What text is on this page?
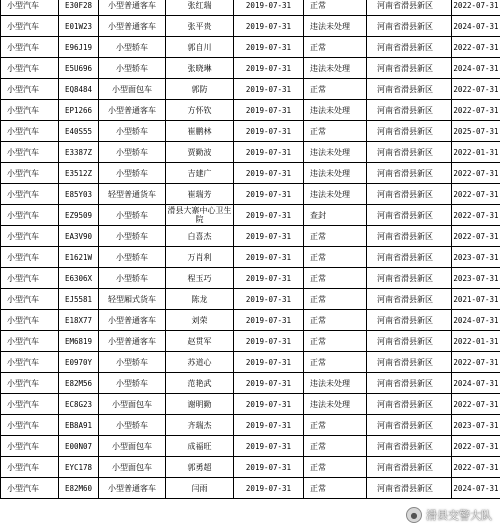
小型汽车	E30F28	小型普通客车	张红瑞	2019-07-31	正常	河南省滑县新区	2022-07-31
小型汽车	E01W23	小型普通客车	张平贵	2019-07-31	违法未处理	河南省滑县新区	2024-07-31
小型汽车	E96J19	小型轿车	郭自川	2019-07-31	正常	河南省滑县新区	2022-07-31
小型汽车	E5U696	小型轿车	张晓琳	2019-07-31	违法未处理	河南省滑县新区	2024-07-31
小型汽车	EQ8484	小型面包车	郭防	2019-07-31	正常	河南省滑县新区	2022-07-31
小型汽车	EP1266	小型普通客车	方怀钦	2019-07-31	违法未处理	河南省滑县新区	2022-07-31
小型汽车	E40S55	小型轿车	崔鹏林	2019-07-31	正常	河南省滑县新区	2025-07-31
小型汽车	E3387Z	小型轿车	贾勤波	2019-07-31	违法未处理	河南省滑县新区	2022-01-31
小型汽车	E3512Z	小型轿车	吉建广	2019-07-31	违法未处理	河南省滑县新区	2022-07-31
小型汽车	E85Y03	轻型普通货车	崔瑞芳	2019-07-31	违法未处理	河南省滑县新区	2022-07-31
小型汽车	EZ9509	小型轿车	滑县大寨中心卫生院	2019-07-31	查封	河南省滑县新区	2022-07-31
小型汽车	EA3V90	小型轿车	白喜杰	2019-07-31	正常	河南省滑县新区	2022-07-31
小型汽车	E1621W	小型轿车	万肖利	2019-07-31	正常	河南省滑县新区	2023-07-31
小型汽车	E6306X	小型轿车	程玉巧	2019-07-31	正常	河南省滑县新区	2023-07-31
小型汽车	EJ5581	轻型厢式货车	陈龙	2019-07-31	正常	河南省滑县新区	2021-07-31
小型汽车	E18X77	小型普通客车	刘荣	2019-07-31	正常	河南省滑县新区	2024-07-31
小型汽车	EM6819	小型普通客车	赵贯军	2019-07-31	正常	河南省滑县新区	2022-01-31
小型汽车	E0970Y	小型轿车	苏道心	2019-07-31	正常	河南省滑县新区	2022-07-31
小型汽车	E82M56	小型轿车	范艳武	2019-07-31	违法未处理	河南省滑县新区	2024-07-31
小型汽车	EC8G23	小型面包车	谢明勤	2019-07-31	违法未处理	河南省滑县新区	2022-07-31
小型汽车	EB8A91	小型轿车	齐瑞杰	2019-07-31	正常	河南省滑县新区	2023-07-31
小型汽车	E00N07	小型面包车	成福旺	2019-07-31	正常	河南省滑县新区	2022-07-31
小型汽车	EYC178	小型面包车	郭勇超	2019-07-31	正常	河南省滑县新区	2022-07-31
小型汽车	E82M60	小型普通客车	闫雨	2019-07-31	正常	河南省滑县新区	2024-07-31
● 滑县交警大队
